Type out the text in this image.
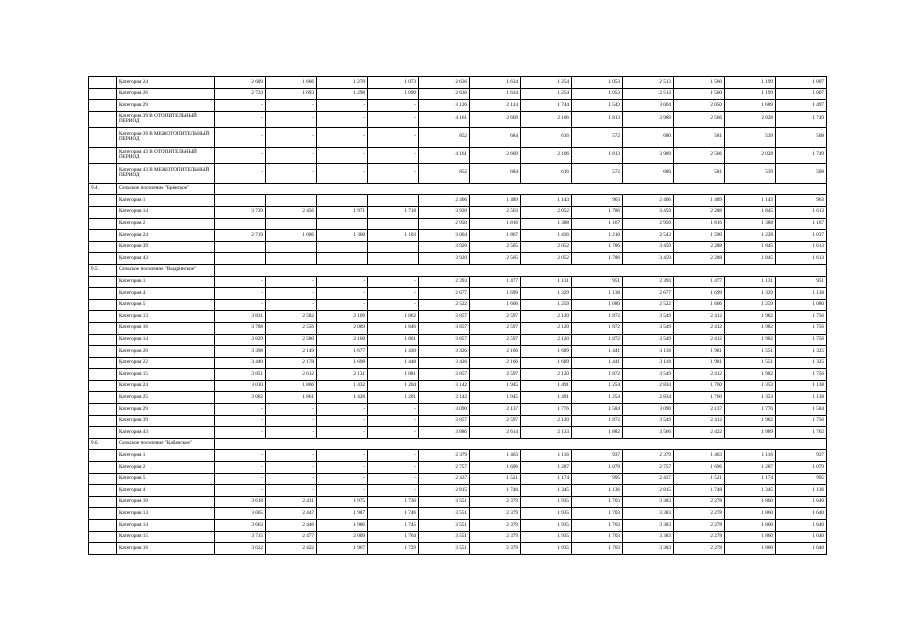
	Категория 24	2 689	1 666	1 278	1 073	2 636	1 634	1 254	1 053	2 513	1 560	1 199	1 007
	Категория 26	2 733	1 693	1 298	1 090	2 636	1 634	1 254	1 053	2 513	1 560	1 199	1 007
	Категория 29	-	-	-	-	3 126	2 124	1 744	1 543	3 004	2 050	1 689	1 497
	Категория 39 В ОТОПИТЕЛЬНЫЙ ПЕРИОД	-	-	-	-	4 161	2 669	2 106	1 813	3 989	2 566	2 028	1 749
	Категория 39 В МЕЖОТОПИТЕЛЬНЫЙ ПЕРИОД	-	-	-	-	852	684	616	572	680	581	539	508
	Категория 43 В ОТОПИТЕЛЬНЫЙ ПЕРИОД	-	-	-	-	4 161	2 669	2 106	1 813	3 989	2 566	2 028	1 749
	Категория 43 В МЕЖОТОПИТЕЛЬНЫЙ ПЕРИОД	-	-	-	-	852	684	616	572	680	581	539	508
9.4.	Сельское поселение "Брянское"												
	Категория 1					2 406	1 489	1 143	963	2 406	1 489	1 143	963
	Категория 14	3 739	2 456	1 971	1 718	3 920	2 563	2 052	1 786	3 459	2 288	1 845	1 613
	Категория 2					2 950	1 816	1 388	1 167	2 950	1 816	1 388	1 167
	Категория 24	2 719	1 686	1 308	1 103	3 004	1 867	1 436	1 210	2 543	1 590	1 228	1 037
	Категория 39					3 920	2 565	2 052	1 786	3 459	2 288	1 845	1 613
	Категория 43					3 920	2 565	2 052	1 786	3 459	2 288	1 845	1 613
9.5.	Сельское поселение "Выдринское"												
	Категория 1	-	-	-	-	2 393	1 477	1 131	951	2 393	1 477	1 131	951
	Категория 4	-	-	-	-	2 677	1 699	1 329	1 138	2 677	1 699	1 329	1 138
	Категория 5	-	-	-	-	2 522	1 606	1 259	1 080	2 522	1 606	1 259	1 080
	Категория 13	3 831	2 582	2 109	1 862	3 857	2 597	2 120	1 872	3 549	2 412	1 982	1 756
	Категория 16	3 788	2 556	2 089	1 846	3 857	2 597	2 120	1 872	3 549	2 412	1 982	1 756
	Категория 14	3 829	2 580	2 108	1 861	3 857	2 597	2 120	1 872	3 549	2 412	1 982	1 756
	Категория 20	3 398	2 149	1 677	1 430	3 426	2 166	1 689	1 441	3 118	1 981	1 551	1 325
	Категория 22	3 440	2 178	1 698	1 448	3 426	2 166	1 689	1 441	3 118	1 981	1 551	1 325
	Категория 15	3 851	2 612	2 131	1 881	3 857	2 597	2 120	1 872	3 549	2 412	1 982	1 756
	Категория 24	3 010	1 866	1 432	1 204	3 142	1 945	1 491	1 254	2 834	1 760	1 353	1 138
	Категория 25	3 002	1 861	1 428	1 201	3 142	1 945	1 491	1 254	2 834	1 760	1 353	1 138
	Категория 29	-	-	-	-	3 090	2 137	1 776	1 584	3 090	2 137	1 776	1 584
	Категория 39	-	-	-	-	3 857	2 597	2 120	1 872	3 549	2 412	1 982	1 756
	Категория 43	-	-	-	-	3 886	2 614	2 133	1 882	3 566	2 422	1 989	1 762
9.6.	Сельское поселение "Кабанское"												
	Категория 1	-	-	-	-	2 379	1 463	1 116	937	2 379	1 463	1 116	937
	Категория 2	-	-	-	-	2 757	1 696	1 287	1 079	2 757	1 696	1 287	1 079
	Категория 5	-	-	-	-	2 437	1 521	1 174	995	2 437	1 521	1 174	995
	Категория 4	-	-	-	-	2 815	1 748	1 345	1 136	2 815	1 748	1 345	1 136
	Категория 10	3 618	2 431	1 975	1 736	3 551	2 379	1 935	1 703	3 383	2 278	1 860	1 640
	Категория 13	3 665	2 447	1 987	1 746	3 551	2 379	1 935	1 703	3 383	2 278	1 860	1 640
	Категория 14	3 663	2 446	1 986	1 745	3 551	2 379	1 935	1 703	3 383	2 278	1 860	1 640
	Категория 15	3 715	2 477	2 009	1 764	3 551	2 379	1 935	1 703	3 383	2 278	1 860	1 640
	Категория 16	3 622	2 422	1 967	1 729	3 551	2 379	1 935	1 703	3 383	2 278	1 860	1 640
